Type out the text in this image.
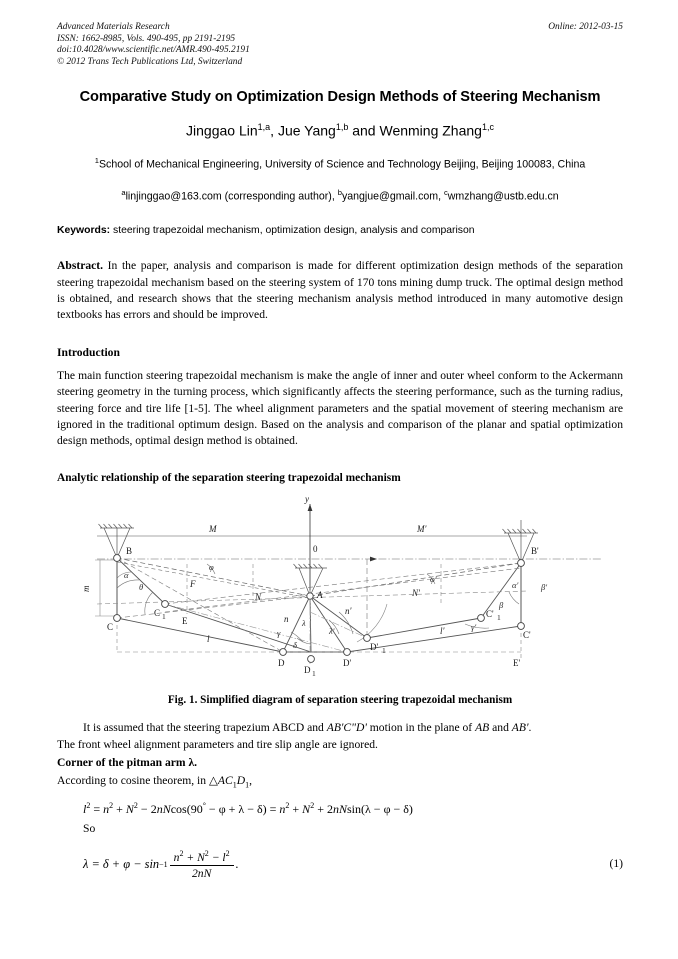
Advanced Materials Research
ISSN: 1662-8985, Vols. 490-495, pp 2191-2195
doi:10.4028/www.scientific.net/AMR.490-495.2191
© 2012 Trans Tech Publications Ltd, Switzerland
Online: 2012-03-15
Comparative Study on Optimization Design Methods of Steering Mechanism
Jinggao Lin$^{1,a}$, Jue Yang$^{1,b}$ and Wenming Zhang$^{1,c}$
$^1$School of Mechanical Engineering, University of Science and Technology Beijing, Beijing 100083, China
$^a$linjinggao@163.com (corresponding author), $^b$yangjue@gmail.com, $^c$wmzhang@ustb.edu.cn
Keywords: steering trapezoidal mechanism, optimization design, analysis and comparison
Abstract. In the paper, analysis and comparison is made for different optimization design methods of the separation steering trapezoidal mechanism based on the steering system of 170 tons mining dump truck. The optimal design method is obtained, and research shows that the steering mechanism analysis method introduced in many automotive design textbooks has errors and should be improved.
Introduction
The main function steering trapezoidal mechanism is make the angle of inner and outer wheel conform to the Ackermann steering geometry in the turning process, which significantly affects the steering performance, such as the turning radius, steering force and tire life [1-5]. The wheel alignment parameters and the spatial movement of steering mechanism are ignored in the traditional optimum design. Based on the analysis and comparison of the planar and spatial optimization design methods, optimal design method is obtained.
Analytic relationship of the separation steering trapezoidal mechanism
y
0
M	M'
B	B'
C
C'
C 1	C' 1
D	D'
D 1
D' 1
A
E
E'
F
N	N'
m
l
l'
n
n'
α
β
γ'
δ
λ
λ'
α'
θ
φ
φ'
γ
β'
Fig. 1. Simplified diagram of separation steering trapezoidal mechanism
It is assumed that the steering trapezium ABCD and AB'C"D' motion in the plane of AB and AB'.
The front wheel alignment parameters and tire slip angle are ignored.
Corner of the pitman arm λ.
According to cosine theorem, in $\triangle AC_1D_1$,
$l^2 = n^2 + N^2 - 2nNcos(90^\circ - \varphi + \lambda - \delta) = n^2 + N^2 + 2nNsin(\lambda - \varphi - \delta)$
So
$\lambda = \delta + \varphi - \sin -1 \frac{n^2 + N^2 - l^2}{2nN}$ .	(1)
